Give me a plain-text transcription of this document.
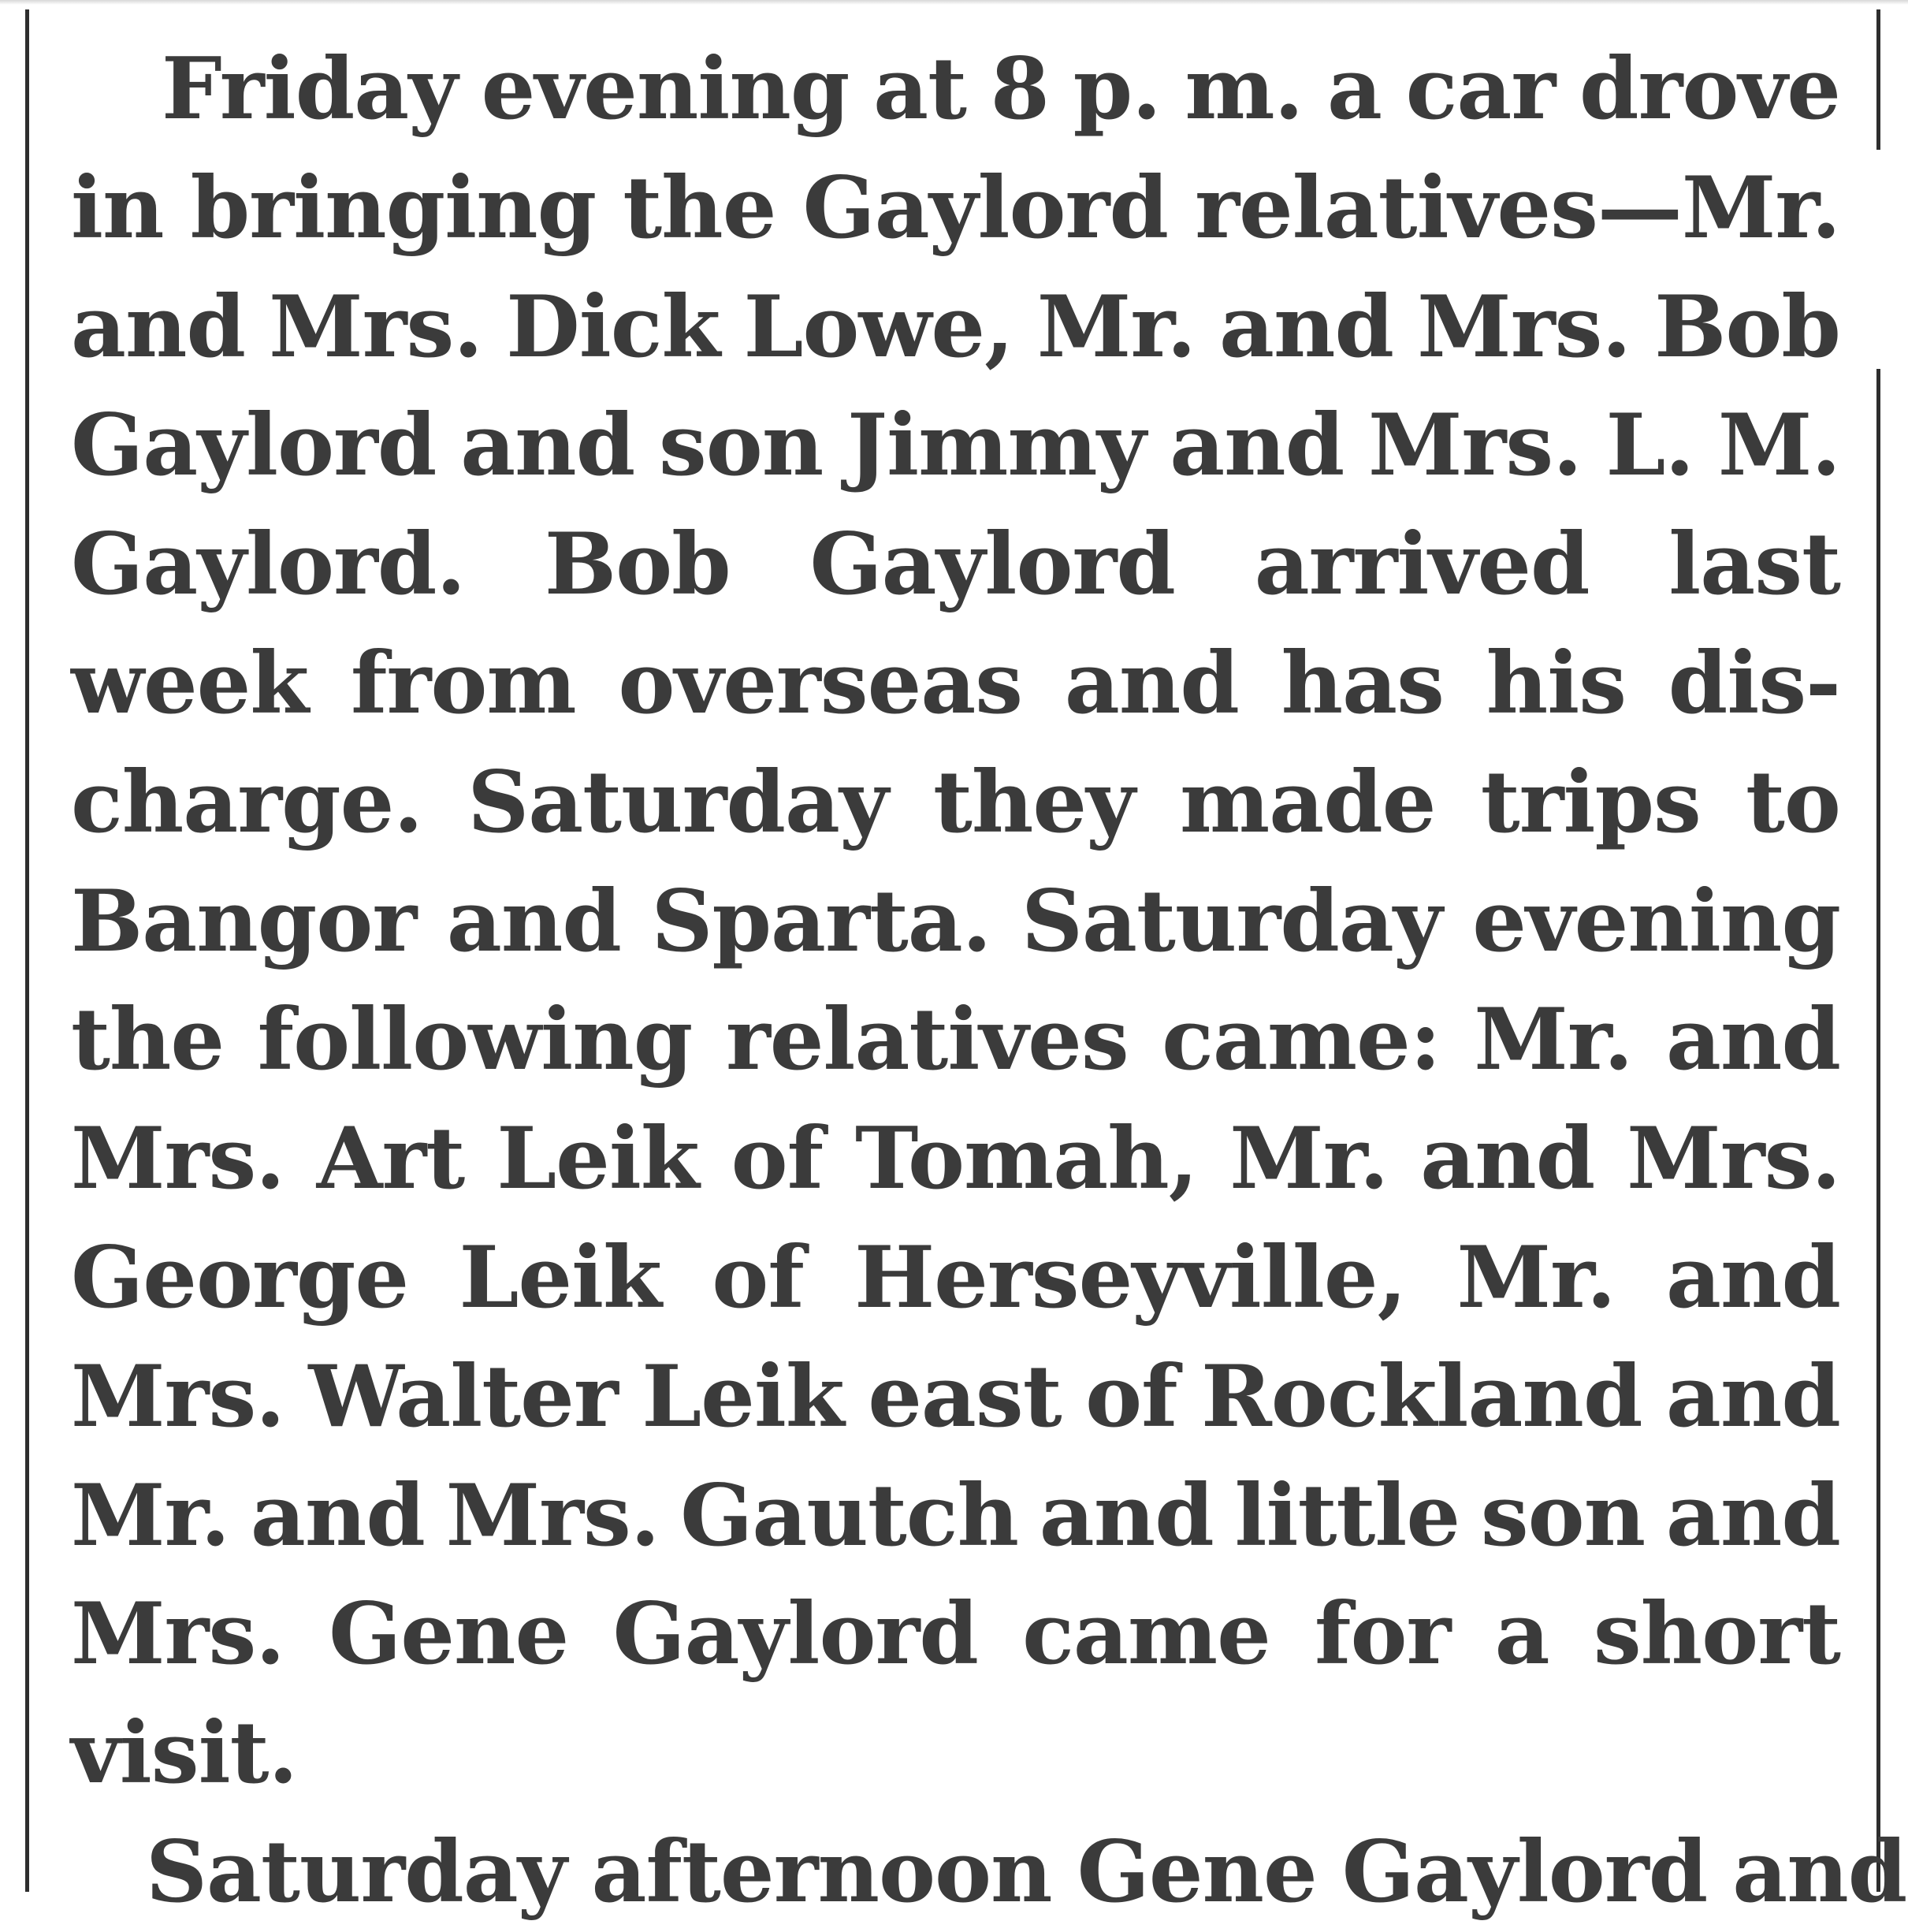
Friday evening at 8 p. m. a car drove
in bringing the Gaylord relatives—Mr.
and Mrs. Dick Lowe, Mr. and Mrs. Bob
Gaylord and son Jimmy and Mrs. L. M.
Gaylord. Bob Gaylord arrived last
week from overseas and has his dis-
charge. Saturday they made trips to
Bangor and Sparta. Saturday evening
the following relatives came: Mr. and
Mrs. Art Leik of Tomah, Mr. and Mrs.
George Leik of Herseyville, Mr. and
Mrs. Walter Leik east of Rockland and
Mr. and Mrs. Gautch and little son and
Mrs. Gene Gaylord came for a short
visit.
Saturday afternoon Gene Gaylord and
